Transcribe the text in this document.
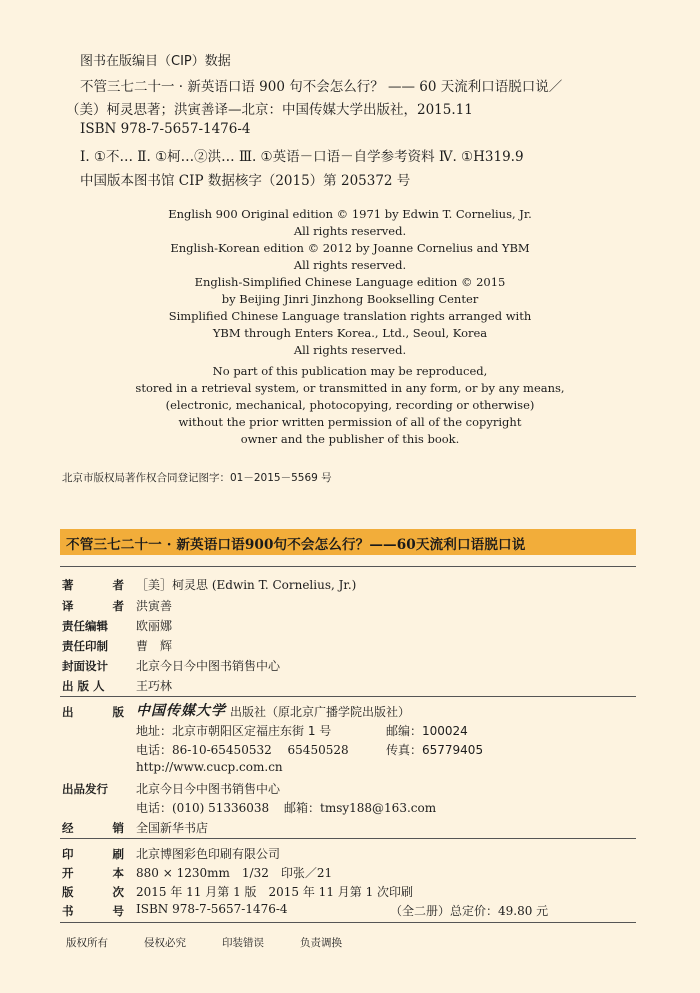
图书在版编目（CIP）数据
不管三七二十一 · 新英语口语 900 句不会怎么行？ —— 60 天流利口语脱口说／
（美）柯灵思著；洪寅善译—北京：中国传媒大学出版社，2015.11
ISBN 978-7-5657-1476-4
Ⅰ. ①不… Ⅱ. ①柯…②洪… Ⅲ. ①英语－口语－自学参考资料 Ⅳ. ①H319.9
中国版本图书馆 CIP 数据核字（2015）第 205372 号
English 900 Original edition © 1971 by Edwin T. Cornelius, Jr.
All rights reserved.
English-Korean edition © 2012 by Joanne Cornelius and YBM
All rights reserved.
English-Simplified Chinese Language edition © 2015
by Beijing Jinri Jinzhong Bookselling Center
Simplified Chinese Language translation rights arranged with
YBM through Enters Korea., Ltd., Seoul, Korea
All rights reserved.
No part of this publication may be reproduced,
stored in a retrieval system, or transmitted in any form, or by any means,
(electronic, mechanical, photocopying, recording or otherwise)
without the prior written permission of all of the copyright
owner and the publisher of this book.
北京市版权局著作权合同登记图字：01－2015－5569 号
不管三七二十一 · 新英语口语900句不会怎么行？——60天流利口语脱口说
著　　者 ［美］柯灵思 (Edwin T. Cornelius, Jr.)
译　　者 洪寅善
责任编辑	欧丽娜
责任印制	曹　辉
封面设计	北京今日今中图书销售中心
出 版 人	王巧林
出　　版 中国传媒大学 出版社（原北京广播学院出版社）
地址：北京市朝阳区定福庄东街 1 号	邮编：100024
电话：86-10-65450532　 65450528	传真：65779405
http://www.cucp.com.cn
出品发行	北京今日今中图书销售中心
电话：(010) 51336038 邮箱：tmsy188@163.com
经　　销 全国新华书店
印　　刷 北京博图彩色印刷有限公司
开　　本 880 × 1230mm　1/32　印张／21
版　　次 2015 年 11 月第 1 版　2015 年 11 月第 1 次印刷
书　　号 ISBN 978-7-5657-1476-4	（全二册）总定价：49.80 元
版权所有	侵权必究	印装错误	负责调换
